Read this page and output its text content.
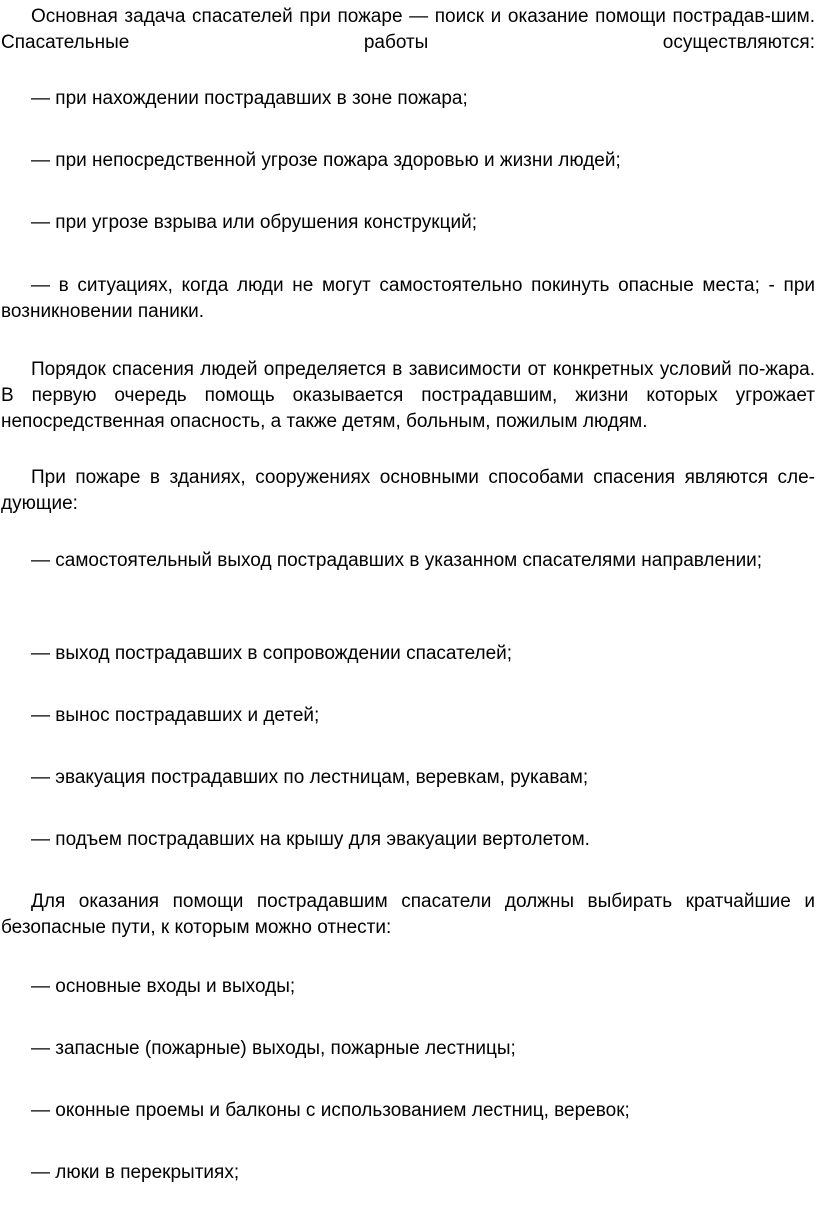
Основная задача спасателей при пожаре — поиск и оказание помощи пострадав-шим. Спасательные работы осуществляются:

— при нахождении пострадавших в зоне пожара;

— при непосредственной угрозе пожара здоровью и жизни людей;

— при угрозе взрыва или обрушения конструкций;

— в ситуациях, когда люди не могут самостоятельно покинуть опасные места; - при возникновении паники.

Порядок спасения людей определяется в зависимости от конкретных условий по-жара. В первую очередь помощь оказывается пострадавшим, жизни которых угрожает непосредственная опасность, а также детям, больным, пожилым людям.

При пожаре в зданиях, сооружениях основными способами спасения являются сле-дующие:

— самостоятельный выход пострадавших в указанном спасателями направлении;

— выход пострадавших в сопровождении спасателей;

— вынос пострадавших и детей;

— эвакуация пострадавших по лестницам, веревкам, рукавам;

— подъем пострадавших на крышу для эвакуации вертолетом.

Для оказания помощи пострадавшим спасатели должны выбирать кратчайшие и безопасные пути, к которым можно отнести:

— основные входы и выходы;

— запасные (пожарные) выходы, пожарные лестницы;

— оконные проемы и балконы с использованием лестниц, веревок;

— люки в перекрытиях;
